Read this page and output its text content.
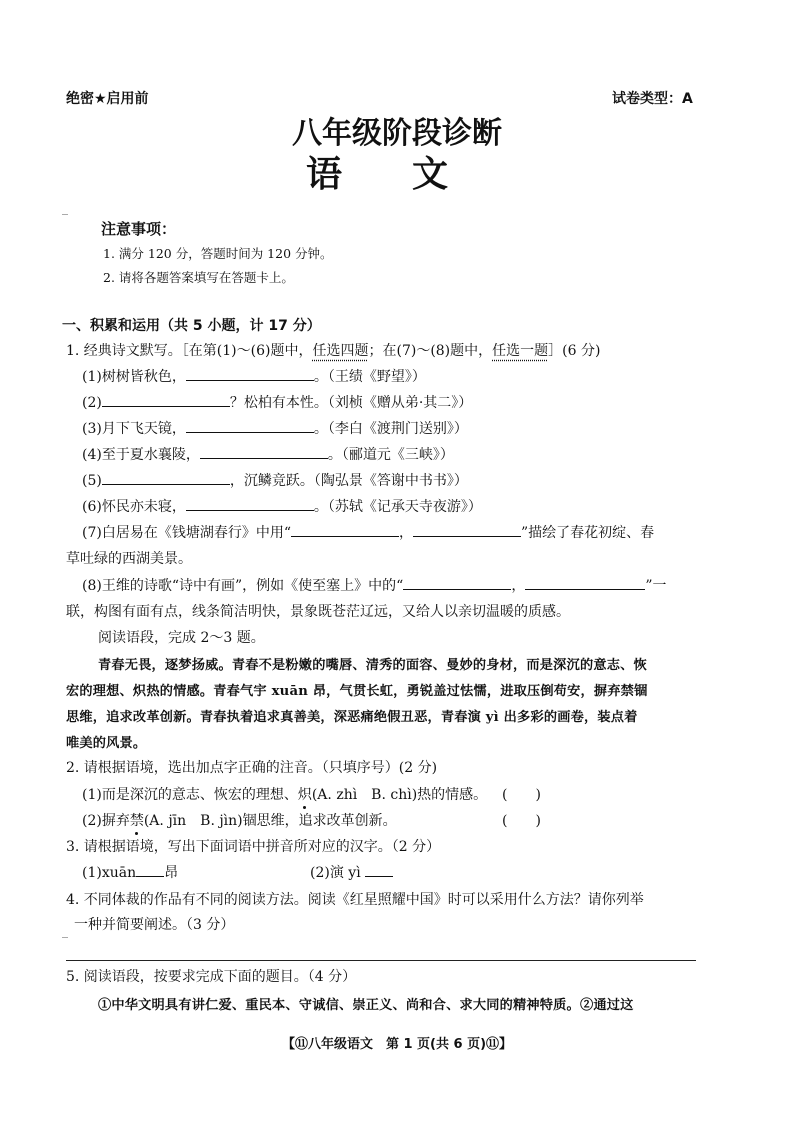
绝密★启用前	试卷类型：A
八年级阶段诊断
语 文
注意事项：
1. 满分 120 分，答题时间为 120 分钟。
2. 请将各题答案填写在答题卡上。
一、积累和运用（共 5 小题，计 17 分）
1. 经典诗文默写。［在第(1)～(6)题中，任选四题；在(7)～(8)题中，任选一题］(6 分)
(1)树树皆秋色，	。（王绩《野望》）
(2)	？松柏有本性。（刘桢《赠从弟·其二》）
(3)月下飞天镜，	。（李白《渡荆门送别》）
(4)至于夏水襄陵，	。（郦道元《三峡》）
(5)	，沉鳞竞跃。（陶弘景《答谢中书书》）
(6)怀民亦未寝，	。（苏轼《记承天寺夜游》）
(7)白居易在《钱塘湖春行》中用“	，	”描绘了春花初绽、春
草吐绿的西湖美景。
(8)王维的诗歌“诗中有画”，例如《使至塞上》中的“	，	”一
联，构图有面有点，线条简洁明快，景象既苍茫辽远，又给人以亲切温暖的质感。
阅读语段，完成 2～3 题。
青春无畏，逐梦扬威。青春不是粉嫩的嘴唇、清秀的面容、曼妙的身材，而是深沉的意志、恢
宏的理想、炽热的情感。青春气宇 xuān 昂，气贯长虹，勇锐盖过怯懦，进取压倒苟安，摒弃禁锢
思维，追求改革创新。青春执着追求真善美，深恶痛绝假丑恶，青春演 yì 出多彩的画卷，装点着
唯美的风景。
2. 请根据语境，选出加点字正确的注音。（只填序号）(2 分)
(1)而是深沉的意志、恢宏的理想、炽(A. zhì　B. chì)热的情感。 (　　)
(2)摒弃禁(A. jīn　B. jìn)锢思维，追求改革创新。	(　　)
3. 请根据语境，写出下面词语中拼音所对应的汉字。（2 分）
(1)xuān 昂	(2)演 yì
4. 不同体裁的作品有不同的阅读方法。阅读《红星照耀中国》时可以采用什么方法？请你列举
一种并简要阐述。（3 分）
5. 阅读语段，按要求完成下面的题目。（4 分）
①中华文明具有讲仁爱、重民本、守诚信、崇正义、尚和合、求大同的精神特质。②通过这
【⑪八年级语文　第 1 页(共 6 页)⑪】
